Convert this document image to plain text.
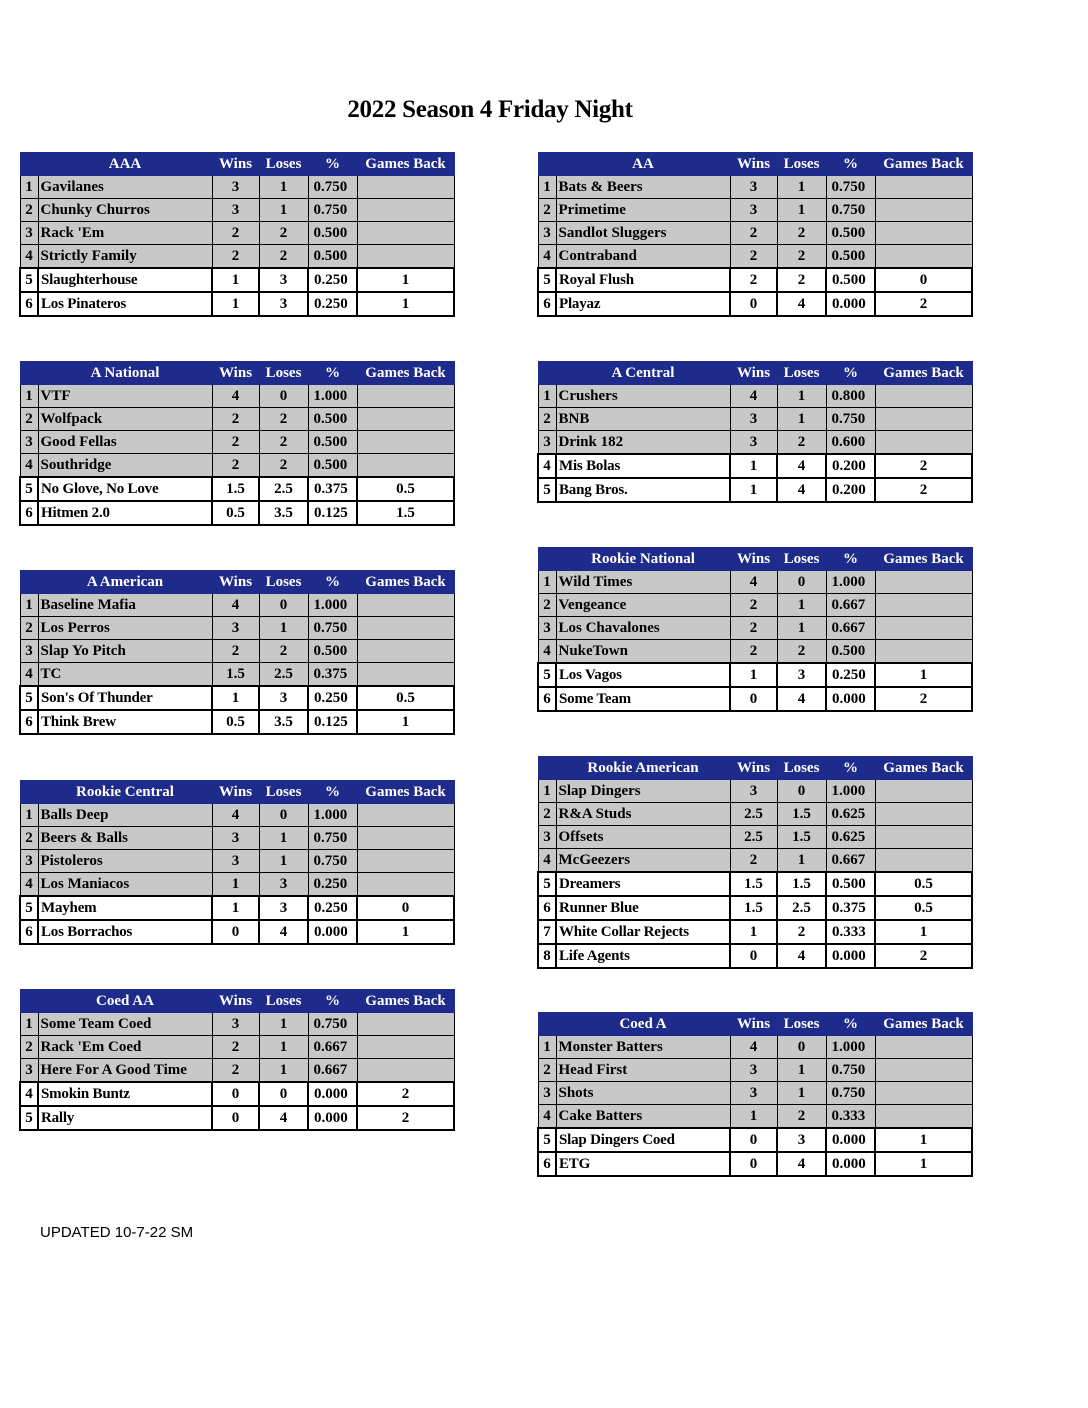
2022 Season 4 Friday Night
	AAA	Wins	Loses	%	Games Back
1	Gavilanes	3	1	0.750	
2	Chunky Churros	3	1	0.750	
3	Rack 'Em	2	2	0.500	
4	Strictly Family	2	2	0.500	
5	Slaughterhouse	1	3	0.250	1
6	Los Pinateros	1	3	0.250	1
	A National	Wins	Loses	%	Games Back
1	VTF	4	0	1.000	
2	Wolfpack	2	2	0.500	
3	Good Fellas	2	2	0.500	
4	Southridge	2	2	0.500	
5	No Glove, No Love	1.5	2.5	0.375	0.5
6	Hitmen 2.0	0.5	3.5	0.125	1.5
	A American	Wins	Loses	%	Games Back
1	Baseline Mafia	4	0	1.000	
2	Los Perros	3	1	0.750	
3	Slap Yo Pitch	2	2	0.500	
4	TC	1.5	2.5	0.375	
5	Son's Of Thunder	1	3	0.250	0.5
6	Think Brew	0.5	3.5	0.125	1
	Rookie Central	Wins	Loses	%	Games Back
1	Balls Deep	4	0	1.000	
2	Beers & Balls	3	1	0.750	
3	Pistoleros	3	1	0.750	
4	Los Maniacos	1	3	0.250	
5	Mayhem	1	3	0.250	0
6	Los Borrachos	0	4	0.000	1
	Coed AA	Wins	Loses	%	Games Back
1	Some Team Coed	3	1	0.750	
2	Rack 'Em Coed	2	1	0.667	
3	Here For A Good Time	2	1	0.667	
4	Smokin Buntz	0	0	0.000	2
5	Rally	0	4	0.000	2
	AA	Wins	Loses	%	Games Back
1	Bats & Beers	3	1	0.750	
2	Primetime	3	1	0.750	
3	Sandlot Sluggers	2	2	0.500	
4	Contraband	2	2	0.500	
5	Royal Flush	2	2	0.500	0
6	Playaz	0	4	0.000	2
	A Central	Wins	Loses	%	Games Back
1	Crushers	4	1	0.800	
2	BNB	3	1	0.750	
3	Drink 182	3	2	0.600	
4	Mis Bolas	1	4	0.200	2
5	Bang Bros.	1	4	0.200	2
	Rookie National	Wins	Loses	%	Games Back
1	Wild Times	4	0	1.000	
2	Vengeance	2	1	0.667	
3	Los Chavalones	2	1	0.667	
4	NukeTown	2	2	0.500	
5	Los Vagos	1	3	0.250	1
6	Some Team	0	4	0.000	2
	Rookie American	Wins	Loses	%	Games Back
1	Slap Dingers	3	0	1.000	
2	R&A Studs	2.5	1.5	0.625	
3	Offsets	2.5	1.5	0.625	
4	McGeezers	2	1	0.667	
5	Dreamers	1.5	1.5	0.500	0.5
6	Runner Blue	1.5	2.5	0.375	0.5
7	White Collar Rejects	1	2	0.333	1
8	Life Agents	0	4	0.000	2
	Coed A	Wins	Loses	%	Games Back
1	Monster Batters	4	0	1.000	
2	Head First	3	1	0.750	
3	Shots	3	1	0.750	
4	Cake Batters	1	2	0.333	
5	Slap Dingers Coed	0	3	0.000	1
6	ETG	0	4	0.000	1
UPDATED 10-7-22 SM
